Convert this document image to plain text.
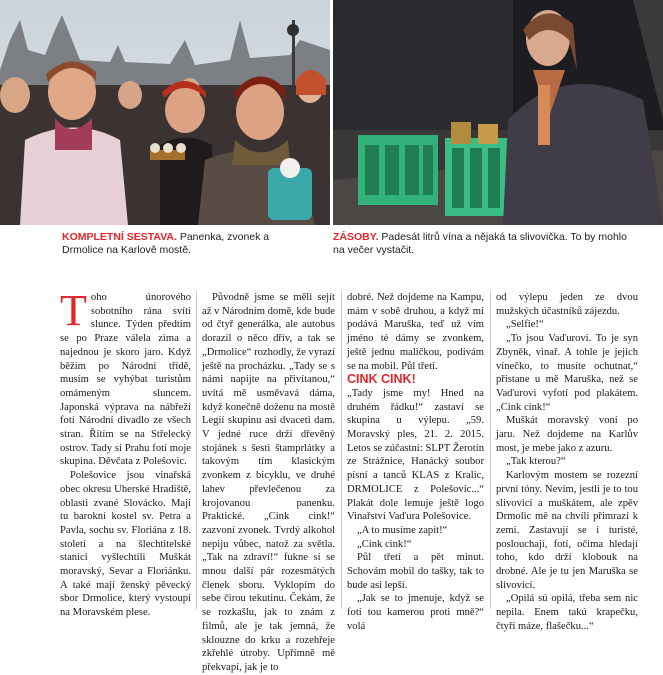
KOMPLETNÍ SESTAVA. Panenka, zvonek a Drmolice na Karlově mostě.
ZÁSOBY. Padesát litrů vína a nějaká ta slivovička. To by mohlo na večer vystačit.

Toho únorového sobotního rána svítí slunce. Týden předtím se po Praze válela zima a najednou je skoro jaro. Když běžím po Národní třídě, musím se vyhýbat turistům omámeným sluncem. Japonská výprava na nábřeží fotí Národní divadlo ze všech stran. Řítím se na Střelecký ostrov. Tady si Prahu fotí moje skupina. Děvčata z Polešovic.

Polešovice jsou vinařská obec okresu Uherské Hradiště, oblasti zvané Slovácko. Mají tu barokní kostel sv. Petra a Pavla, sochu sv. Floriána z 18. století a na šlechtitelské stanici vyšlechtili Muškát moravský, Sevar a Floriánku. A také mají ženský pěvecký sbor Drmolice, který vystoupí na Moravském plese.

Původně jsme se měli sejít až v Národním domě, kde bude od čtyř generálka, ale autobus dorazil o něco dřív, a tak se „Drmolice“ rozhodly, že vyrazí ještě na procházku. „Tady se s námi napijte na přivítanou,“ uvítá mě usměvavá dáma, když konečně doženu na mostě Legií skupinu asi dvaceti dam. V jedné ruce drží dřevěný stojánek s šesti štamprlátky a takovým tím klasickým zvonkem z bicyklu, ve druhé lahev převlečenou za krojovanou panenku. Praktické. „Cink cink!“ zazvoní zvonek. Tvrdý alkohol nepiju vůbec, natož za světla. „Tak na zdraví!“ fukne si se mnou další pár rozesmátých členek sboru. Vyklopím do sebe čirou tekutinu. Čekám, že se rozkašlu, jak to znám z filmů, ale je tak jemná, že sklouzne do krku a rozehřeje zkřehlé útroby. Upřímně mě překvapí, jak je to

dobré. Než dojdeme na Kampu, mám v sobě druhou, a když mi podává Maruška, teď už vím jméno té dámy se zvonkem, ještě jednu maličkou, podívám se na mobil. Půl třetí.

CINK CINK!

„Tady jsme my! Hned na druhém řádku!“ zastaví se skupina u výlepu. „59. Moravský ples, 21. 2. 2015. Letos se zúčastní: SLPT Žerotín ze Strážnice, Hanácký soubor písní a tanců KLAS z Kralic, DRMOLICE z Polešovic...“ Plakát dole lemuje ještě logo Vinařství Vaďura Polešovice.

„A to musíme zapít!“

„Cink cink!“

Půl třetí a pět minut. Schovám mobil do tašky, tak to bude asi lepší.

„Jak se to jmenuje, když se fotí tou kamerou proti mně?“ volá

od výlepu jeden ze dvou mužských účastníků zájezdu.

„Selfie!“

„To jsou Vaďurovi. To je syn Zbyněk, vinař. A tohle je jejich vínečko, to musíte ochutnat,“ přistane u mě Maruška, než se Vaďurovi vyfotí pod plakátem. „Cink cink!“

Muškát moravský voní po jaru. Než dojdeme na Karlův most, je mebe jako z azuru.

„Tak kterou?“

Karlovým mostem se rozezní první tóny. Nevím, jestli je to tou slivovicí a muškátem, ale zpěv Drmolic mě na chvíli přimrazí k zemi. Zastavují se i turisté, poslouchají, fotí, očima hledají toho, kdo drží klobouk na drobné. Ale je tu jen Maruška se slivovicí.

„Opilá sú opilá, třeba sem nic nepila. Enem takú krapečku, čtyři máze, flašečku...“
